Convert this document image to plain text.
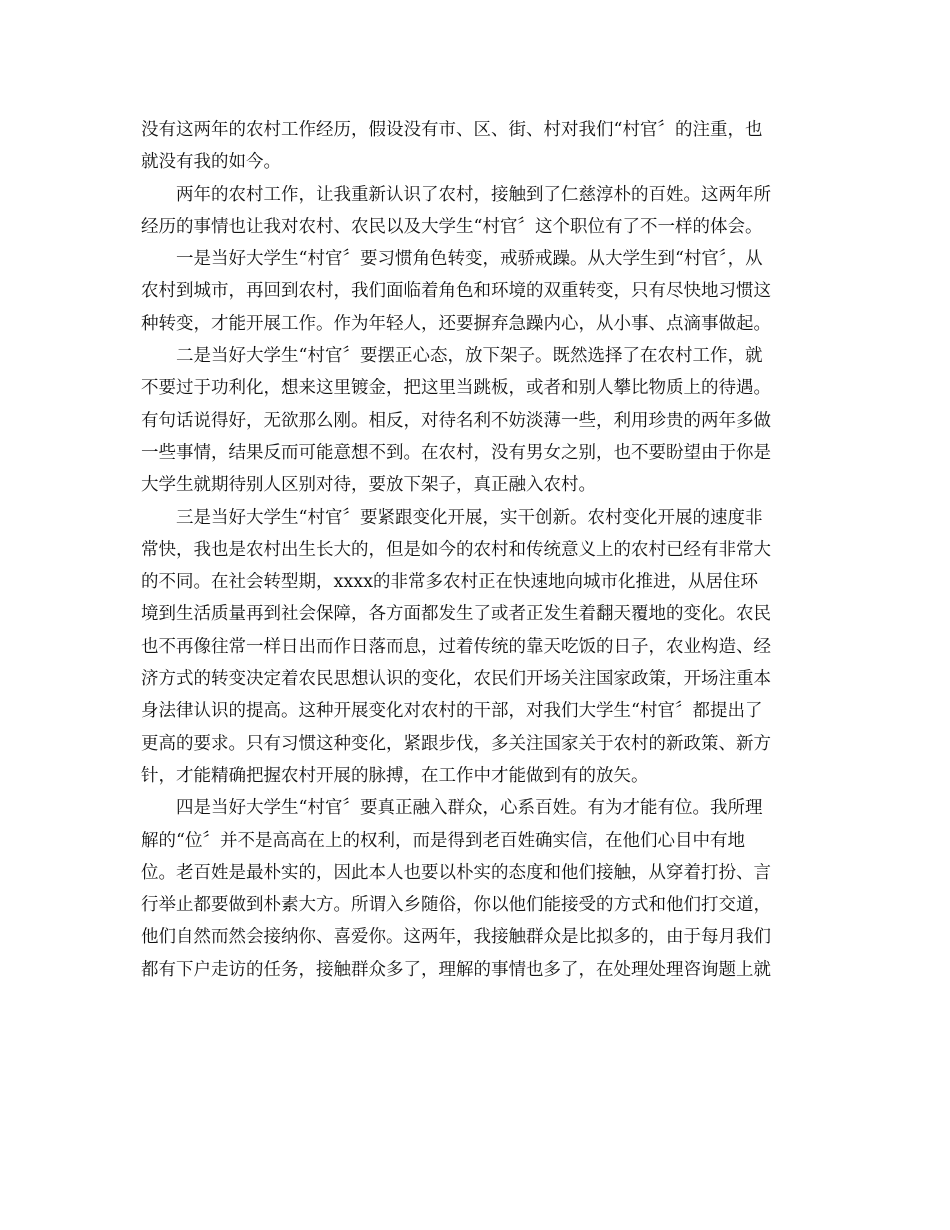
没有这两年的农村工作经历，假设没有市、区、街、村对我们“村官〞的注重，也
就没有我的如今。
两年的农村工作，让我重新认识了农村，接触到了仁慈淳朴的百姓。这两年所
经历的事情也让我对农村、农民以及大学生“村官〞这个职位有了不一样的体会。
一是当好大学生“村官〞要习惯角色转变，戒骄戒躁。从大学生到“村官〞，从
农村到城市，再回到农村，我们面临着角色和环境的双重转变，只有尽快地习惯这
种转变，才能开展工作。作为年轻人，还要摒弃急躁内心，从小事、点滴事做起。
二是当好大学生“村官〞要摆正心态，放下架子。既然选择了在农村工作，就
不要过于功利化，想来这里镀金，把这里当跳板，或者和别人攀比物质上的待遇。
有句话说得好，无欲那么刚。相反，对待名利不妨淡薄一些，利用珍贵的两年多做
一些事情，结果反而可能意想不到。在农村，没有男女之别，也不要盼望由于你是
大学生就期待别人区别对待，要放下架子，真正融入农村。
三是当好大学生“村官〞要紧跟变化开展，实干创新。农村变化开展的速度非
常快，我也是农村出生长大的，但是如今的农村和传统意义上的农村已经有非常大
的不同。在社会转型期，xxxx的非常多农村正在快速地向城市化推进，从居住环
境到生活质量再到社会保障，各方面都发生了或者正发生着翻天覆地的变化。农民
也不再像往常一样日出而作日落而息，过着传统的靠天吃饭的日子，农业构造、经
济方式的转变决定着农民思想认识的变化，农民们开场关注国家政策，开场注重本
身法律认识的提高。这种开展变化对农村的干部，对我们大学生“村官〞都提出了
更高的要求。只有习惯这种变化，紧跟步伐，多关注国家关于农村的新政策、新方
针，才能精确把握农村开展的脉搏，在工作中才能做到有的放矢。
四是当好大学生“村官〞要真正融入群众，心系百姓。有为才能有位。我所理
解的“位〞并不是高高在上的权利，而是得到老百姓确实信，在他们心目中有地
位。老百姓是最朴实的，因此本人也要以朴实的态度和他们接触，从穿着打扮、言
行举止都要做到朴素大方。所谓入乡随俗，你以他们能接受的方式和他们打交道，
他们自然而然会接纳你、喜爱你。这两年，我接触群众是比拟多的，由于每月我们
都有下户走访的任务，接触群众多了，理解的事情也多了，在处理处理咨询题上就
